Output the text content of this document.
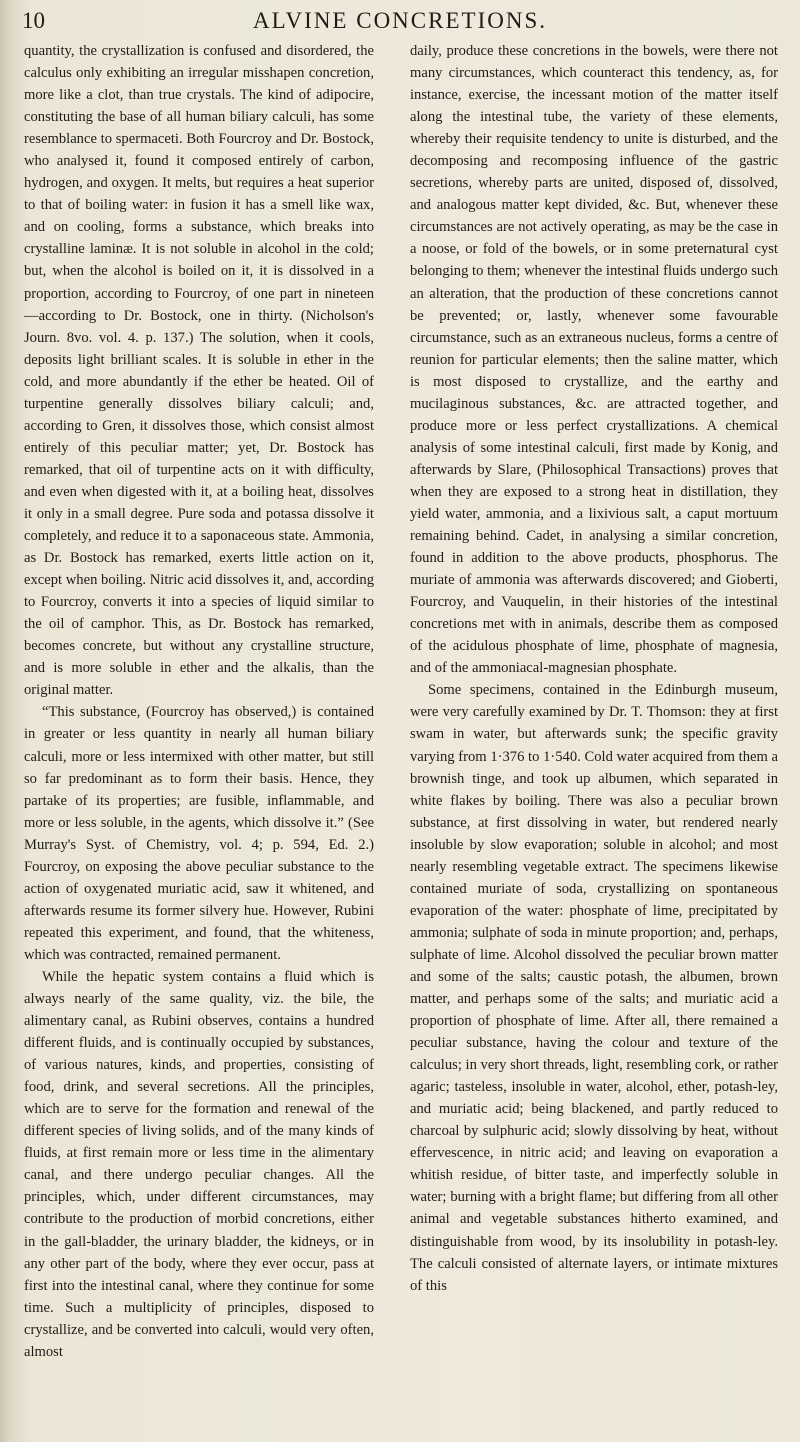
10	ALVINE CONCRETIONS.

quantity, the crystallization is confused and disordered, the calculus only exhibiting an irregular misshapen concretion, more like a clot, than true crystals. The kind of adipocire, constituting the base of all human biliary calculi, has some resemblance to spermaceti. Both Fourcroy and Dr. Bostock, who analysed it, found it composed entirely of carbon, hydrogen, and oxygen. It melts, but requires a heat superior to that of boiling water: in fusion it has a smell like wax, and on cooling, forms a substance, which breaks into crystalline laminæ. It is not soluble in alcohol in the cold; but, when the alcohol is boiled on it, it is dissolved in a proportion, according to Fourcroy, of one part in nineteen—according to Dr. Bostock, one in thirty. (Nicholson's Journ. 8vo. vol. 4. p. 137.) The solution, when it cools, deposits light brilliant scales. It is soluble in ether in the cold, and more abundantly if the ether be heated. Oil of turpentine generally dissolves biliary calculi; and, according to Gren, it dissolves those, which consist almost entirely of this peculiar matter; yet, Dr. Bostock has remarked, that oil of turpentine acts on it with difficulty, and even when digested with it, at a boiling heat, dissolves it only in a small degree. Pure soda and potassa dissolve it completely, and reduce it to a saponaceous state. Ammonia, as Dr. Bostock has remarked, exerts little action on it, except when boiling. Nitric acid dissolves it, and, according to Fourcroy, converts it into a species of liquid similar to the oil of camphor. This, as Dr. Bostock has remarked, becomes concrete, but without any crystalline structure, and is more soluble in ether and the alkalis, than the original matter.

“This substance, (Fourcroy has observed,) is contained in greater or less quantity in nearly all human biliary calculi, more or less intermixed with other matter, but still so far predominant as to form their basis. Hence, they partake of its properties; are fusible, inflammable, and more or less soluble, in the agents, which dissolve it.” (See Murray's Syst. of Chemistry, vol. 4; p. 594, Ed. 2.) Fourcroy, on exposing the above peculiar substance to the action of oxygenated muriatic acid, saw it whitened, and afterwards resume its former silvery hue. However, Rubini repeated this experiment, and found, that the whiteness, which was contracted, remained permanent.

While the hepatic system contains a fluid which is always nearly of the same quality, viz. the bile, the alimentary canal, as Rubini observes, contains a hundred different fluids, and is continually occupied by substances, of various natures, kinds, and properties, consisting of food, drink, and several secretions. All the principles, which are to serve for the formation and renewal of the different species of living solids, and of the many kinds of fluids, at first remain more or less time in the alimentary canal, and there undergo peculiar changes. All the principles, which, under different circumstances, may contribute to the production of morbid concretions, either in the gall-bladder, the urinary bladder, the kidneys, or in any other part of the body, where they ever occur, pass at first into the intestinal canal, where they continue for some time. Such a multiplicity of principles, disposed to crystallize, and be converted into calculi, would very often, almost

daily, produce these concretions in the bowels, were there not many circumstances, which counteract this tendency, as, for instance, exercise, the incessant motion of the matter itself along the intestinal tube, the variety of these elements, whereby their requisite tendency to unite is disturbed, and the decomposing and recomposing influence of the gastric secretions, whereby parts are united, disposed of, dissolved, and analogous matter kept divided, &c. But, whenever these circumstances are not actively operating, as may be the case in a noose, or fold of the bowels, or in some preternatural cyst belonging to them; whenever the intestinal fluids undergo such an alteration, that the production of these concretions cannot be prevented; or, lastly, whenever some favourable circumstance, such as an extraneous nucleus, forms a centre of reunion for particular elements; then the saline matter, which is most disposed to crystallize, and the earthy and mucilaginous substances, &c. are attracted together, and produce more or less perfect crystallizations. A chemical analysis of some intestinal calculi, first made by Konig, and afterwards by Slare, (Philosophical Transactions) proves that when they are exposed to a strong heat in distillation, they yield water, ammonia, and a lixivious salt, a caput mortuum remaining behind. Cadet, in analysing a similar concretion, found in addition to the above products, phosphorus. The muriate of ammonia was afterwards discovered; and Gioberti, Fourcroy, and Vauquelin, in their histories of the intestinal concretions met with in animals, describe them as composed of the acidulous phosphate of lime, phosphate of magnesia, and of the ammoniacal-magnesian phosphate.

Some specimens, contained in the Edinburgh museum, were very carefully examined by Dr. T. Thomson: they at first swam in water, but afterwards sunk; the specific gravity varying from 1·376 to 1·540. Cold water acquired from them a brownish tinge, and took up albumen, which separated in white flakes by boiling. There was also a peculiar brown substance, at first dissolving in water, but rendered nearly insoluble by slow evaporation; soluble in alcohol; and most nearly resembling vegetable extract. The specimens likewise contained muriate of soda, crystallizing on spontaneous evaporation of the water: phosphate of lime, precipitated by ammonia; sulphate of soda in minute proportion; and, perhaps, sulphate of lime. Alcohol dissolved the peculiar brown matter and some of the salts; caustic potash, the albumen, brown matter, and perhaps some of the salts; and muriatic acid a proportion of phosphate of lime. After all, there remained a peculiar substance, having the colour and texture of the calculus; in very short threads, light, resembling cork, or rather agaric; tasteless, insoluble in water, alcohol, ether, potash-ley, and muriatic acid; being blackened, and partly reduced to charcoal by sulphuric acid; slowly dissolving by heat, without effervescence, in nitric acid; and leaving on evaporation a whitish residue, of bitter taste, and imperfectly soluble in water; burning with a bright flame; but differing from all other animal and vegetable substances hitherto examined, and distinguishable from wood, by its insolubility in potash-ley. The calculi consisted of alternate layers, or intimate mixtures of this
